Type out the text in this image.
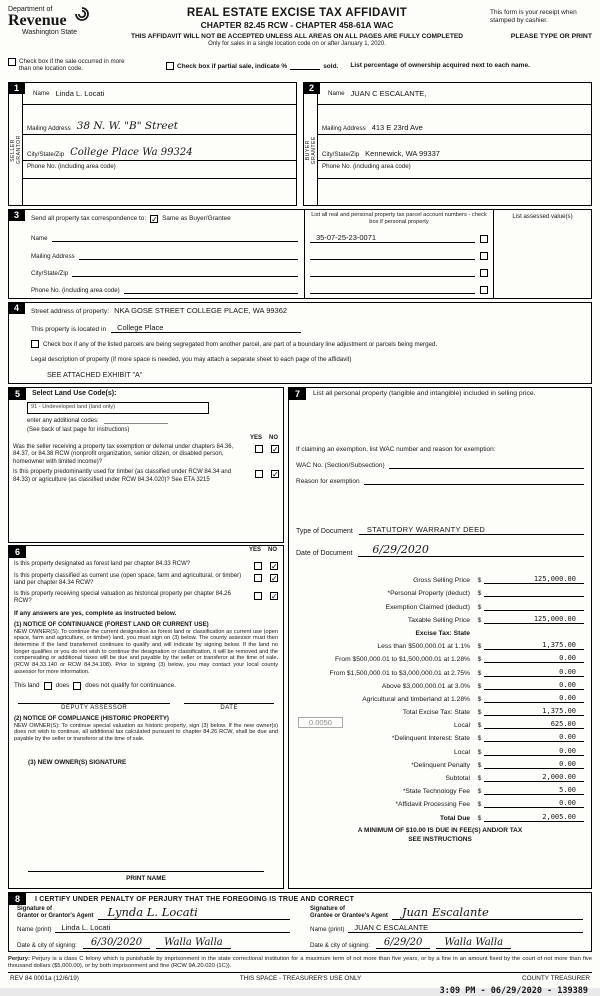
Department of
Revenue
Washington State
REAL ESTATE EXCISE TAX AFFIDAVIT
CHAPTER 82.45 RCW - CHAPTER 458-61A WAC
THIS AFFIDAVIT WILL NOT BE ACCEPTED UNLESS ALL AREAS ON ALL PAGES ARE FULLY COMPLETED
Only for sales in a single location code on or after January 1, 2020.
This form is your receipt when stamped by cashier.
PLEASE TYPE OR PRINT
Check box if the sale occurred in more than one location code.	Check box if partial sale, indicate %	sold. List percentage of ownership acquired next to each name.
1
SELLER GRANTOR
Name Linda L. Locati
Mailing Address 38 N. W. "B" Street
City/State/Zip College Place Wa 99324
Phone No. (including area code)
2
BUYER GRANTEE
Name JUAN C ESCALANTE,
Mailing Address 413 E 23rd Ave
City/State/Zip Kennewick, WA 99337
Phone No. (including area code)
3	Send all property tax correspondence to: ✓ Same as Buyer/Grantee
Name
Mailing Address
City/State/Zip
Phone No. (including area code)
List all real and personal property tax parcel account numbers - check box if personal property
35-07-25-23-0071
List assessed value(s)
4	Street address of property: NKA GOSE STREET COLLEGE PLACE, WA 99362
This property is located in	College Place
Check box if any of the listed parcels are being segregated from another parcel, are part of a boundary line adjustment or parcels being merged.
Legal description of property (if more space is needed, you may attach a separate sheet to each page of the affidavit)
SEE ATTACHED EXHIBIT "A"
5	Select Land Use Code(s):
91 - Undeveloped land (land only)
enter any additional codes:
(See back of last page for instructions)
YES NO
Was the seller receiving a property tax exemption or deferral under chapters 84.36, 84.37, or 84.38 RCW (nonprofit organization, senior citizen, or disabled person, homeowner with limited income)?
✓
Is this property predominantly used for timber (as classified under RCW 84.34 and 84.33) or agriculture (as classified under RCW 84.34.020)? See ETA 3215
✓
6	YES NO
Is this property designated as forest land per chapter 84.33 RCW?	✓
Is this property classified as current use (open space, farm and agricultural, or timber) land per chapter 84.34 RCW?
✓
Is this property receiving special valuation as historical property per chapter 84.26 RCW?
✓
If any answers are yes, complete as instructed below.
(1) NOTICE OF CONTINUANCE (FOREST LAND OR CURRENT USE)
NEW OWNER(S): To continue the current designation as forest land or classification as current use (open space, farm and agriculture, or timber) land, you must sign on (3) below. The county assessor must then determine if the land transferred continues to qualify and will indicate by signing below. If the land no longer qualifies or you do not wish to continue the designation or classification, it will be removed and the compensating or additional taxes will be due and payable by the seller or transferor at the time of sale. (RCW 84.33.140 or RCW 84.34.108). Prior to signing (3) below, you may contact your local county assessor for more information.
This land	does	does not qualify for continuance.
DEPUTY ASSESSOR	DATE
(2) NOTICE OF COMPLIANCE (HISTORIC PROPERTY)
NEW OWNER(S): To continue special valuation as historic property, sign (3) below. If the new owner(s) does not wish to continue, all additional tax calculated pursuant to chapter 84.26 RCW, shall be due and payable by the seller or transferor at the time of sale.
(3) NEW OWNER(S) SIGNATURE
PRINT NAME
7	List all personal property (tangible and intangible) included in selling price.
If claiming an exemption, list WAC number and reason for exemption:
WAC No. (Section/Subsection)
Reason for exemption
Type of Document	STATUTORY WARRANTY DEED
Date of Document	6/29/2020
Gross Selling Price	$	125,000.00
*Personal Property (deduct)	$
Exemption Claimed (deduct)	$
Taxable Selling Price	$	125,000.00
Excise Tax: State
Less than $500,000.01 at 1.1%	$	1,375.00
From $500,000.01 to $1,500,000.01 at 1.28%	$	0.00
From $1,500,000.01 to $3,000,000.01 at 2.75%	$	0.00
Above $3,000,000.01 at 3.0%	$	0.00
Agricultural and timberland at 1.28%	$	0.00
Total Excise Tax: State	$	1,375.00
0.0050	Local	$	625.00
*Delinquent Interest: State	$	0.00
Local	$	0.00
*Delinquent Penalty	$	0.00
Subtotal	$	2,000.00
*State Technology Fee	$	5.00
*Affidavit Processing Fee	$	0.00
Total Due	$	2,005.00
A MINIMUM OF $10.00 IS DUE IN FEE(S) AND/OR TAX
SEE INSTRUCTIONS
8	I CERTIFY UNDER PENALTY OF PERJURY THAT THE FOREGOING IS TRUE AND CORRECT
Signature of
Grantor or Grantor's Agent	Lynda L. Locati
Name (print)	Linda L. Locati
Date & city of signing:	6/30/2020	Walla Walla
Signature of
Grantee or Grantee's Agent	Juan Escalante
Name (print)	JUAN C ESCALANTE
Date & city of signing:	6/29/20	Walla Walla

Perjury: Perjury is a class C felony which is punishable by imprisonment in the state correctional institution for a maximum term of not more than five years, or by a fine in an amount fixed by the court of not more than five thousand dollars ($5,000.00), or by both imprisonment and fine (RCW 9A.20.020 (1C)).

REV 84 0001a (12/6/19)	THIS SPACE - TREASURER'S USE ONLY	COUNTY TREASURER
3:09 PM - 06/29/2020 - 139389
